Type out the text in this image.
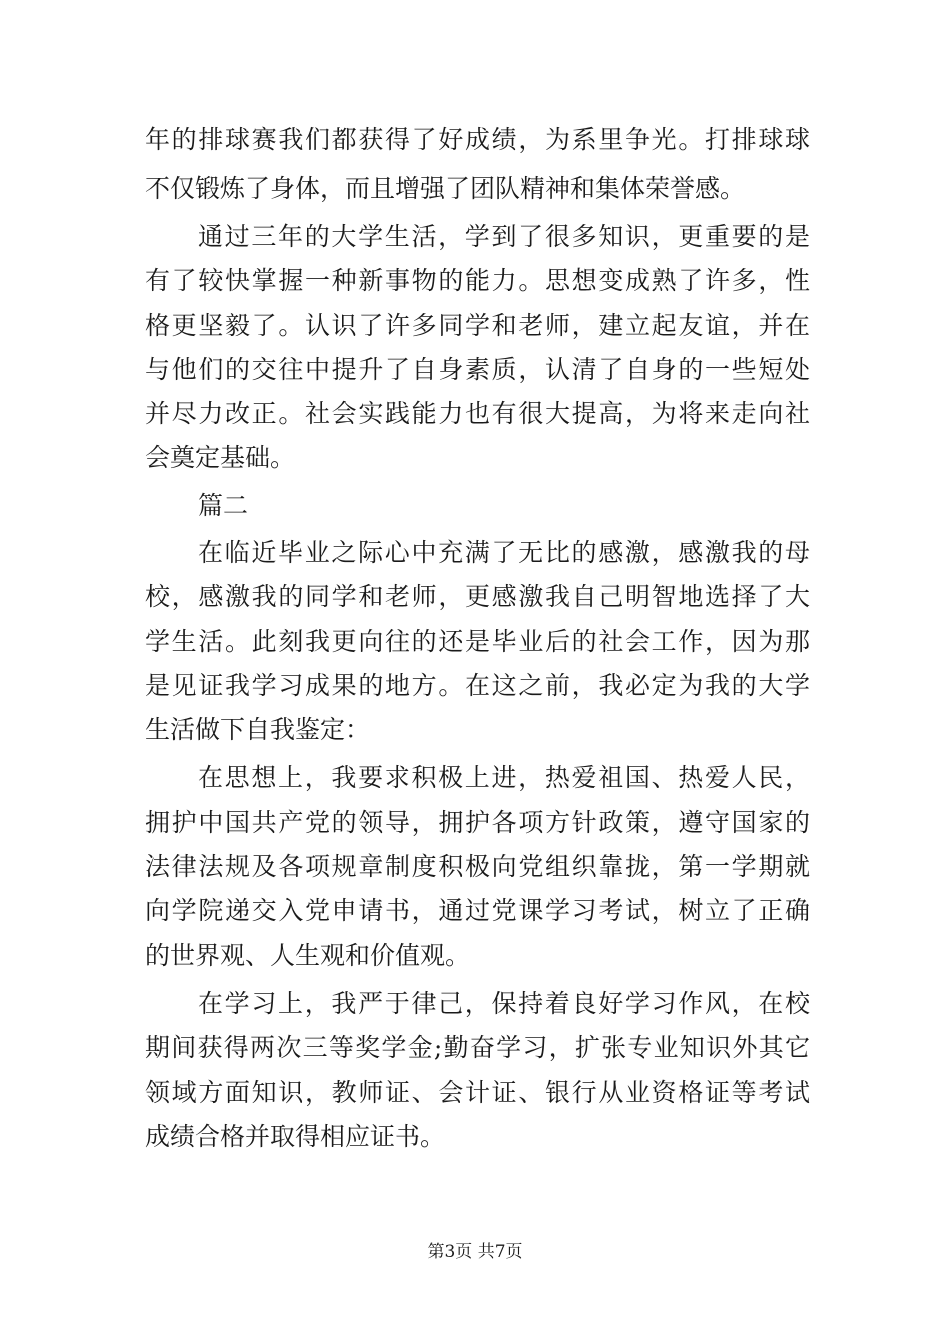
年的排球赛我们都获得了好成绩，为系里争光。打排球球
不仅锻炼了身体，而且增强了团队精神和集体荣誉感。
通过三年的大学生活，学到了很多知识，更重要的是
有了较快掌握一种新事物的能力。思想变成熟了许多，性
格更坚毅了。认识了许多同学和老师，建立起友谊，并在
与他们的交往中提升了自身素质，认清了自身的一些短处
并尽力改正。社会实践能力也有很大提高，为将来走向社
会奠定基础。
篇二
在临近毕业之际心中充满了无比的感激，感激我的母
校，感激我的同学和老师，更感激我自己明智地选择了大
学生活。此刻我更向往的还是毕业后的社会工作，因为那
是见证我学习成果的地方。在这之前，我必定为我的大学
生活做下自我鉴定：
在思想上，我要求积极上进，热爱祖国、热爱人民，
拥护中国共产党的领导，拥护各项方针政策，遵守国家的
法律法规及各项规章制度积极向党组织靠拢，第一学期就
向学院递交入党申请书，通过党课学习考试，树立了正确
的世界观、人生观和价值观。
在学习上，我严于律己，保持着良好学习作风，在校
期间获得两次三等奖学金;勤奋学习，扩张专业知识外其它
领域方面知识，教师证、会计证、银行从业资格证等考试
成绩合格并取得相应证书。
第3页 共7页
